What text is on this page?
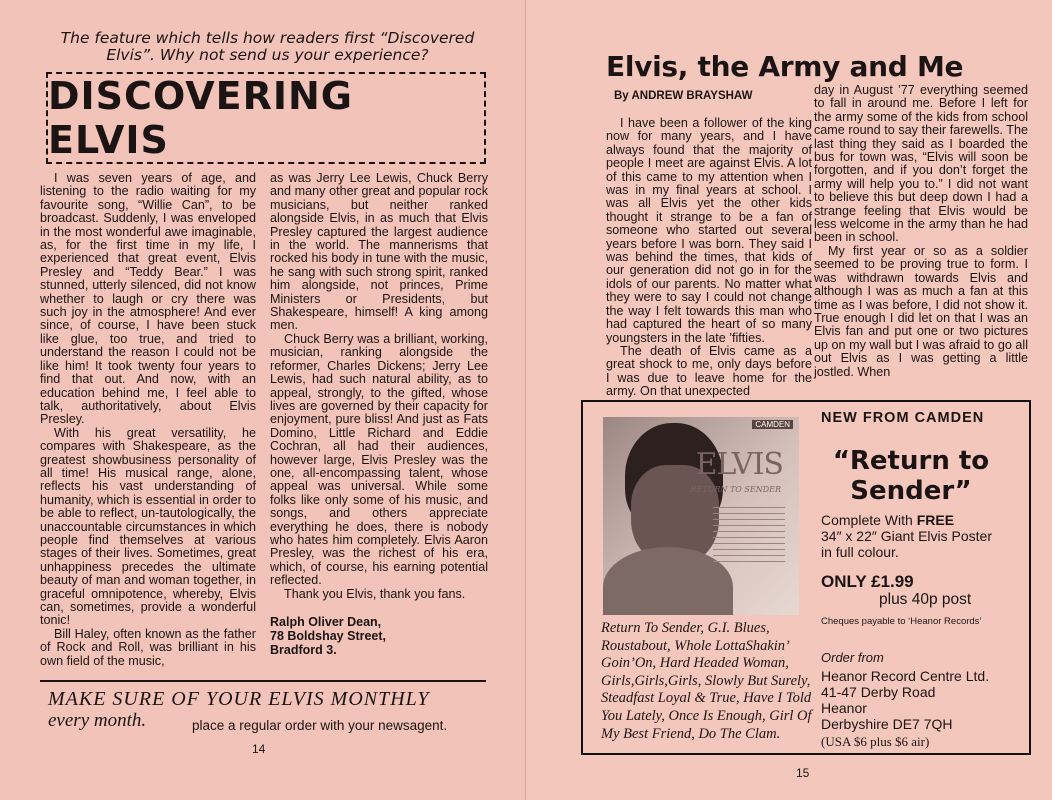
The feature which tells how readers first “Discovered Elvis”. Why not send us your experience?
DISCOVERING ELVIS

I was seven years of age, and listening to the radio waiting for my favourite song, “Willie Can”, to be broadcast. Suddenly, I was enveloped in the most wonderful awe imaginable, as, for the first time in my life, I experienced that great event, Elvis Presley and “Teddy Bear.” I was stunned, utterly silenced, did not know whether to laugh or cry there was such joy in the atmosphere! And ever since, of course, I have been stuck like glue, too true, and tried to understand the reason I could not be like him! It took twenty four years to find that out. And now, with an education behind me, I feel able to talk, authoritatively, about Elvis Presley.

With his great versatility, he compares with Shakespeare, as the greatest showbusiness personality of all time! His musical range, alone, reflects his vast understanding of humanity, which is essential in order to be able to reflect, un-tautologically, the unaccountable circumstances in which people find themselves at various stages of their lives. Sometimes, great unhappiness precedes the ultimate beauty of man and woman together, in graceful omnipotence, whereby, Elvis can, sometimes, provide a wonderful tonic!

Bill Haley, often known as the father of Rock and Roll, was brilliant in his own field of the music,

as was Jerry Lee Lewis, Chuck Berry and many other great and popular rock musicians, but neither ranked alongside Elvis, in as much that Elvis Presley captured the largest audience in the world. The mannerisms that rocked his body in tune with the music, he sang with such strong spirit, ranked him alongside, not princes, Prime Ministers or Presidents, but Shakespeare, himself! A king among men.

Chuck Berry was a brilliant, working, musician, ranking alongside the reformer, Charles Dickens; Jerry Lee Lewis, had such natural ability, as to appeal, strongly, to the gifted, whose lives are governed by their capacity for enjoyment, pure bliss! And just as Fats Domino, Little Richard and Eddie Cochran, all had their audiences, however large, Elvis Presley was the one, all-encompassing talent, whose appeal was universal. While some folks like only some of his music, and songs, and others appreciate everything he does, there is nobody who hates him completely. Elvis Aaron Presley, was the richest of his era, which, of course, his earning potential reflected.

Thank you Elvis, thank you fans.

Ralph Oliver Dean,
78 Boldshay Street,
Bradford 3.
MAKE SURE OF YOUR ELVIS MONTHLY
every month.	place a regular order with your newsagent.
14
Elvis, the Army and Me
By ANDREW BRAYSHAW

I have been a follower of the king now for many years, and I have always found that the majority of people I meet are against Elvis. A lot of this came to my attention when I was in my final years at school. I was all Elvis yet the other kids thought it strange to be a fan of someone who started out several years before I was born. They said I was behind the times, that kids of our generation did not go in for the idols of our parents. No matter what they were to say I could not change the way I felt towards this man who had captured the heart of so many youngsters in the late ’fifties.

The death of Elvis came as a great shock to me, only days before I was due to leave home for the army. On that unexpected

day in August ’77 everything seemed to fall in around me. Before I left for the army some of the kids from school came round to say their farewells. The last thing they said as I boarded the bus for town was, “Elvis will soon be forgotten, and if you don’t forget the army will help you to.” I did not want to believe this but deep down I had a strange feeling that Elvis would be less welcome in the army than he had been in school.

My first year or so as a soldier seemed to be proving true to form. I was withdrawn towards Elvis and although I was as much a fan at this time as I was before, I did not show it. True enough I did let on that I was an Elvis fan and put one or two pictures up on my wall but I was afraid to go all out Elvis as I was getting a little jostled. When

CAMDEN
ELVIS
RETURN TO SENDER
NEW FROM CAMDEN
“Return to
Sender”
Complete With FREE
34″ x 22″ Giant Elvis Poster
in full colour.
ONLY £1.99
plus 40p post
Cheques payable to ‘Heanor Records’
Return To Sender, G.I. Blues, Roustabout, Whole LottaShakin’ Goin’On, Hard Headed Woman, Girls,Girls,Girls, Slowly But Surely, Steadfast Loyal & True, Have I Told You Lately, Once Is Enough, Girl Of My Best Friend, Do The Clam.
Order from
Heanor Record Centre Ltd.
41-47 Derby Road
Heanor
Derbyshire DE7 7QH
(USA $6 plus $6 air)
15
